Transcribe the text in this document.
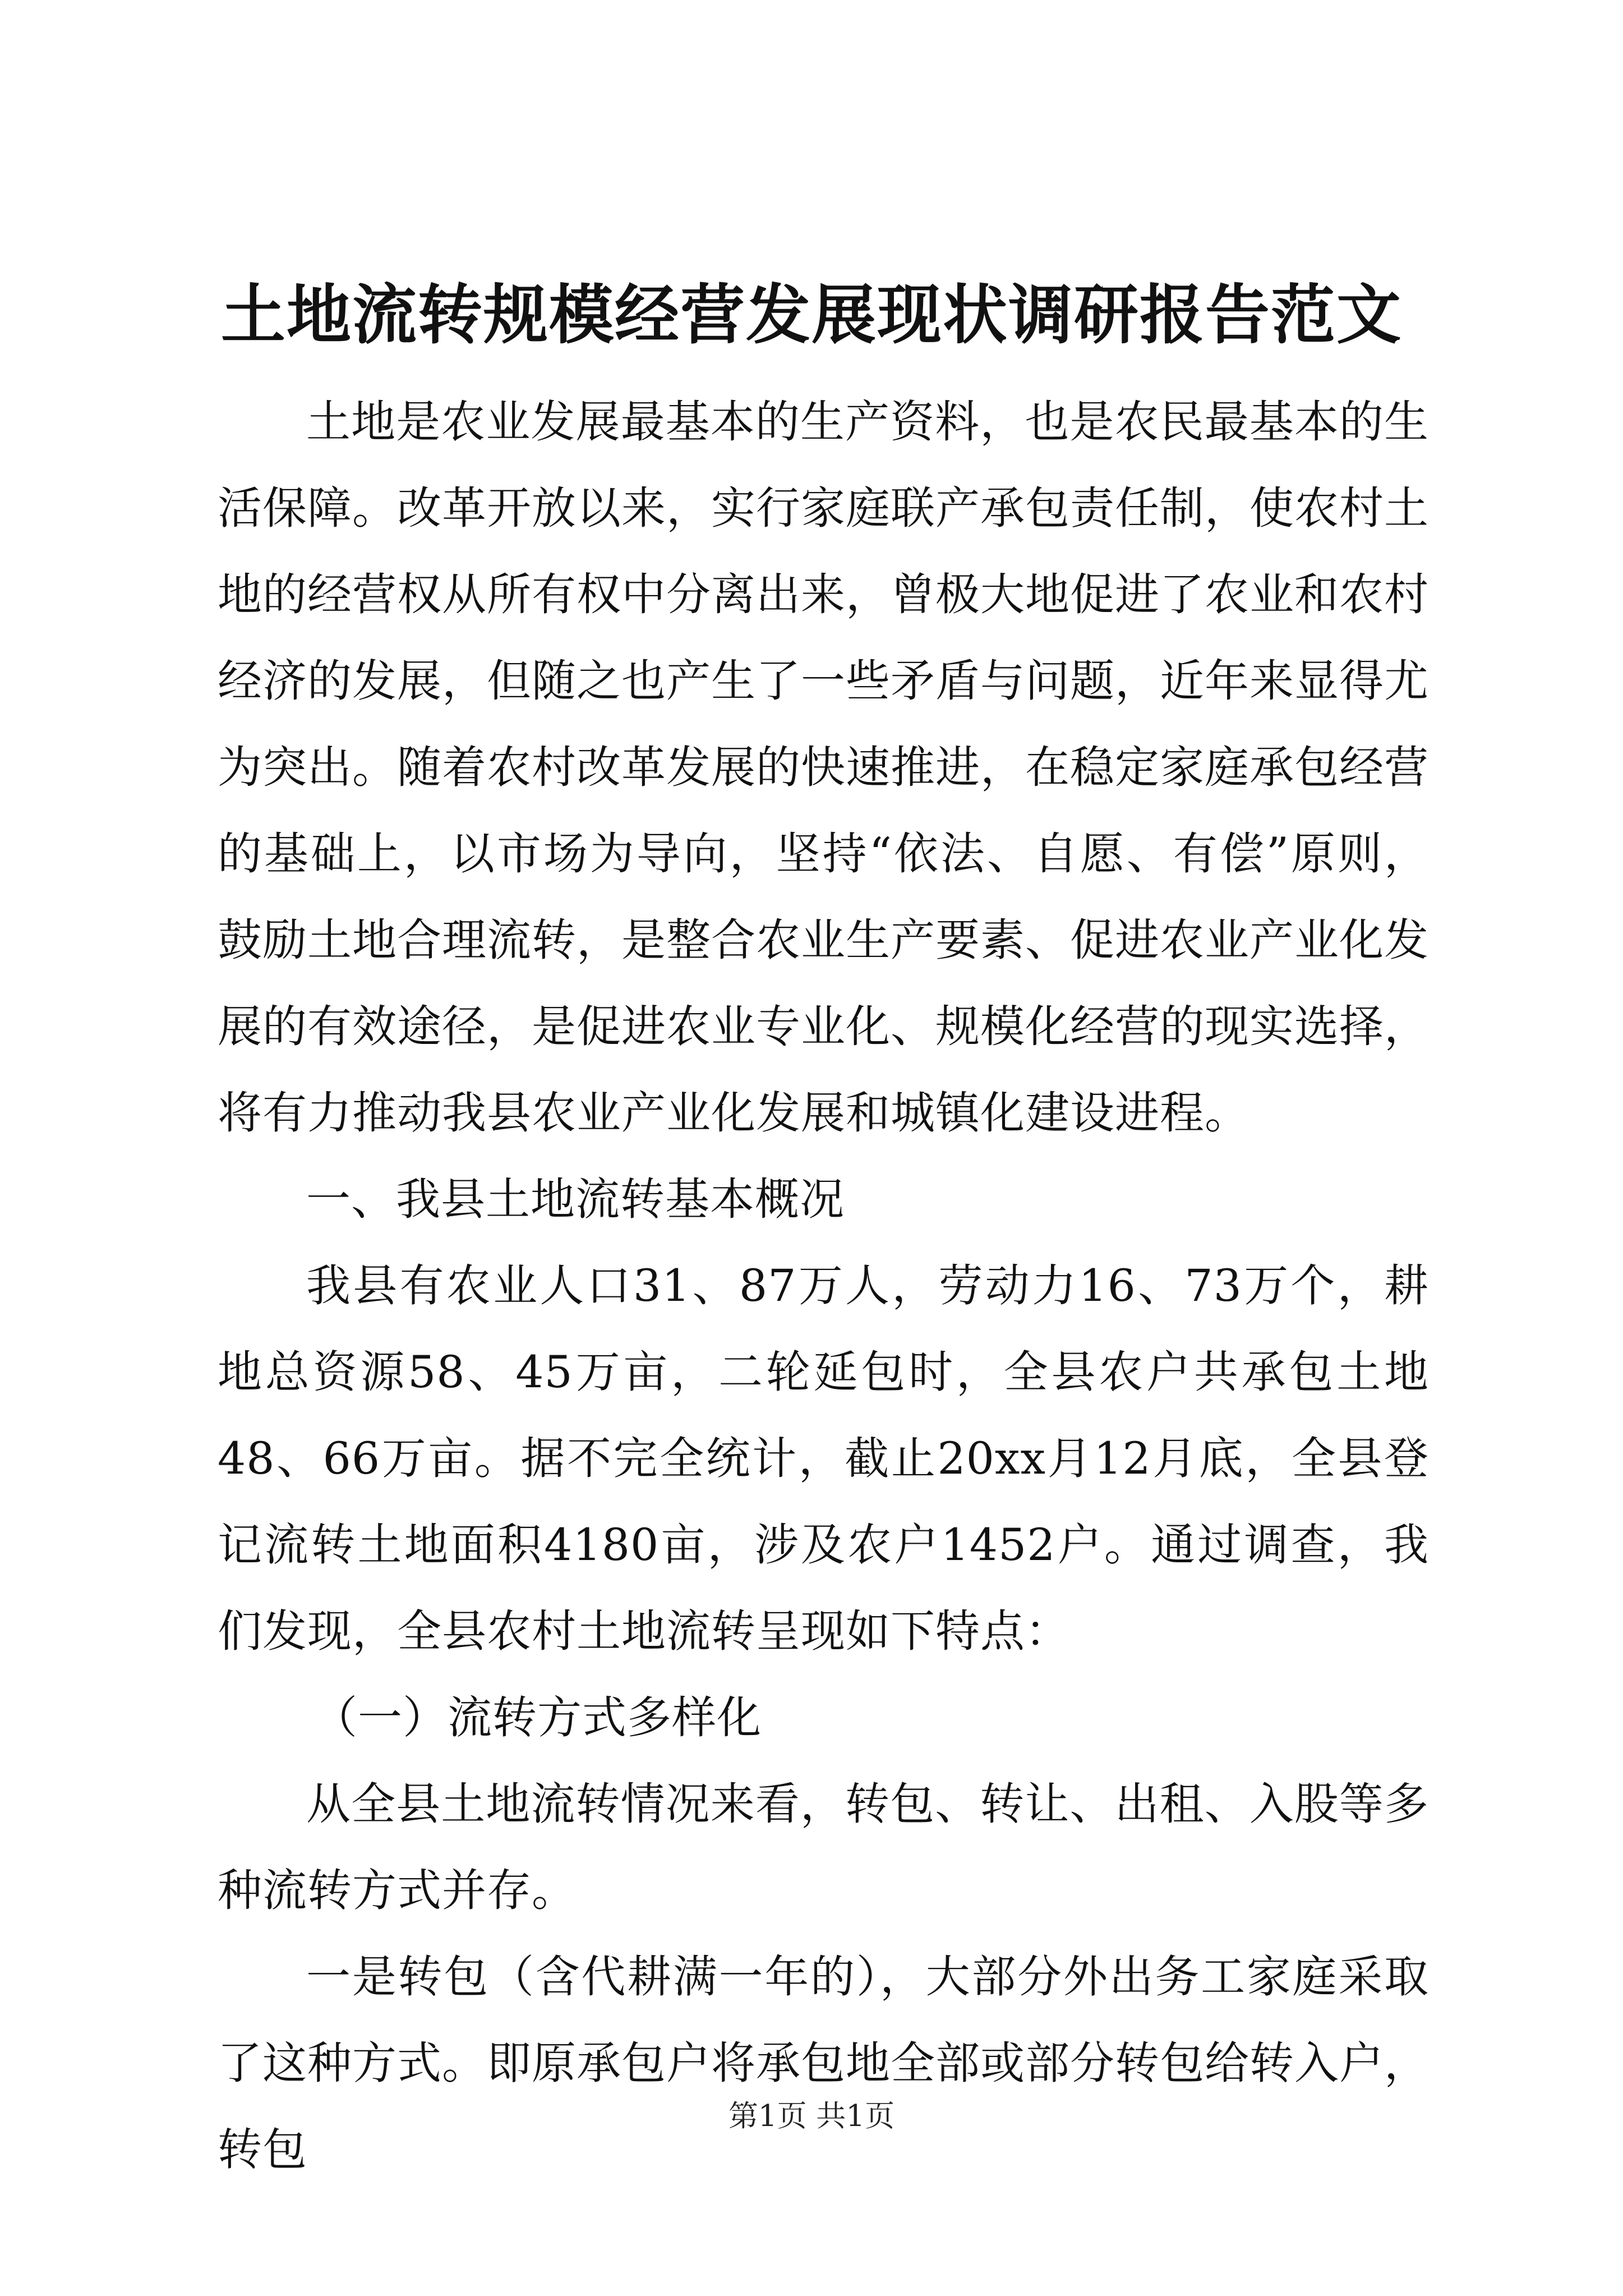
土地流转规模经营发展现状调研报告范文

土地是农业发展最基本的生产资料，也是农民最基本的生活保障。改革开放以来，实行家庭联产承包责任制，使农村土地的经营权从所有权中分离出来，曾极大地促进了农业和农村经济的发展，但随之也产生了一些矛盾与问题，近年来显得尤为突出。随着农村改革发展的快速推进，在稳定家庭承包经营的基础上，以市场为导向，坚持“依法、自愿、有偿”原则，鼓励土地合理流转，是整合农业生产要素、促进农业产业化发展的有效途径，是促进农业专业化、规模化经营的现实选择，将有力推动我县农业产业化发展和城镇化建设进程。

一、我县土地流转基本概况

我县有农业人口31、87万人，劳动力16、73万个，耕地总资源58、45万亩，二轮延包时，全县农户共承包土地48、66万亩。据不完全统计，截止20xx月12月底，全县登记流转土地面积4180亩，涉及农户1452户。通过调查，我们发现，全县农村土地流转呈现如下特点：

（一）流转方式多样化

从全县土地流转情况来看，转包、转让、出租、入股等多种流转方式并存。

一是转包（含代耕满一年的），大部分外出务工家庭采取了这种方式。即原承包户将承包地全部或部分转包给转入户，转包

第1页 共1页
